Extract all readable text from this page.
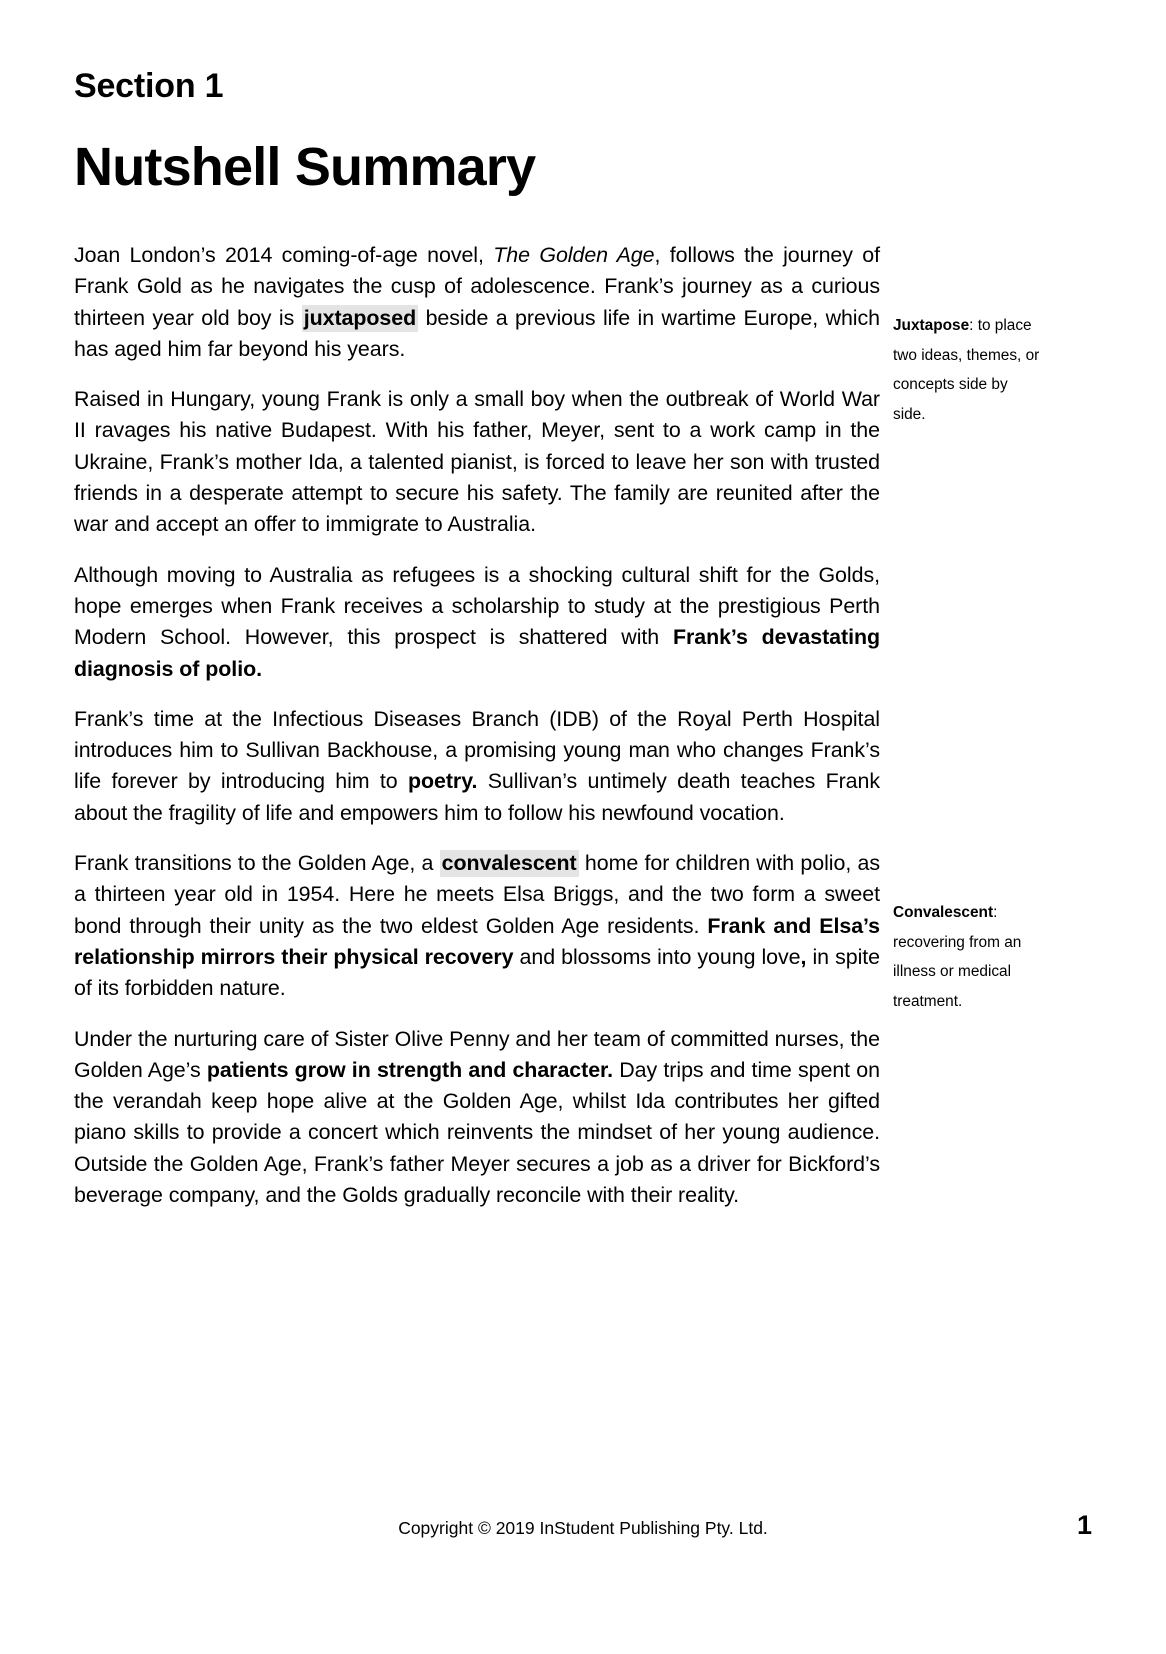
Section 1
Nutshell Summary

Joan London’s 2014 coming-of-age novel, The Golden Age, follows the journey of Frank Gold as he navigates the cusp of adolescence. Frank’s journey as a curious thirteen year old boy is juxtaposed beside a previous life in wartime Europe, which has aged him far beyond his years.

Raised in Hungary, young Frank is only a small boy when the outbreak of World War II ravages his native Budapest. With his father, Meyer, sent to a work camp in the Ukraine, Frank’s mother Ida, a talented pianist, is forced to leave her son with trusted friends in a desperate attempt to secure his safety. The family are reunited after the war and accept an offer to immigrate to Australia.

Although moving to Australia as refugees is a shocking cultural shift for the Golds, hope emerges when Frank receives a scholarship to study at the prestigious Perth Modern School. However, this prospect is shattered with Frank’s devastating diagnosis of polio.

Frank’s time at the Infectious Diseases Branch (IDB) of the Royal Perth Hospital introduces him to Sullivan Backhouse, a promising young man who changes Frank’s life forever by introducing him to poetry. Sullivan’s untimely death teaches Frank about the fragility of life and empowers him to follow his newfound vocation.

Frank transitions to the Golden Age, a convalescent home for children with polio, as a thirteen year old in 1954. Here he meets Elsa Briggs, and the two form a sweet bond through their unity as the two eldest Golden Age residents. Frank and Elsa’s relationship mirrors their physical recovery and blossoms into young love, in spite of its forbidden nature.

Under the nurturing care of Sister Olive Penny and her team of committed nurses, the Golden Age’s patients grow in strength and character. Day trips and time spent on the verandah keep hope alive at the Golden Age, whilst Ida contributes her gifted piano skills to provide a concert which reinvents the mindset of her young audience. Outside the Golden Age, Frank’s father Meyer secures a job as a driver for Bickford’s beverage company, and the Golds gradually reconcile with their reality.

Juxtapose: to place two ideas, themes, or concepts side by side.
Convalescent: recovering from an illness or medical treatment.
Copyright © 2019 InStudent Publishing Pty. Ltd.	1
